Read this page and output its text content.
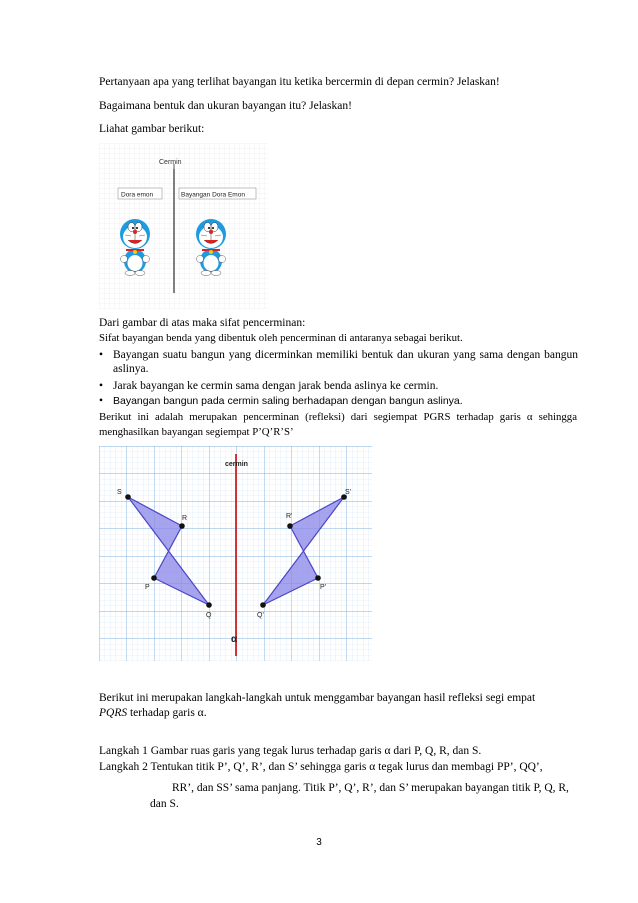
Pertanyaan apa yang terlihat bayangan itu ketika bercermin di depan cermin? Jelaskan!
Bagaimana bentuk dan ukuran bayangan itu? Jelaskan!
Liahat gambar berikut:
Cermin
Dora emon	Bayangan Dora Emon
Dari gambar di atas maka sifat pencerminan:
Sifat bayangan benda yang dibentuk oleh pencerminan di antaranya sebagai berikut.
• Bayangan suatu bangun yang dicerminkan memiliki bentuk dan ukuran yang sama dengan bangun aslinya.
• Jarak bayangan ke cermin sama dengan jarak benda aslinya ke cermin.
• Bayangan bangun pada cermin saling berhadapan dengan bangun aslinya.
Berikut ini adalah merupakan pencerminan (refleksi) dari segiempat PGRS terhadap garis α sehingga menghasilkan bayangan segiempat P’Q’R’S’
cermin
α
S
R
P
Q
S'
R'
P'
Q'
Berikut ini merupakan langkah-langkah untuk menggambar bayangan hasil refleksi segi empat
PQRS terhadap garis α.
Langkah 1 Gambar ruas garis yang tegak lurus terhadap garis α dari P, Q, R, dan S.
Langkah 2 Tentukan titik P’, Q’, R’, dan S’ sehingga garis α tegak lurus dan membagi PP’, QQ’,
RR’, dan SS’ sama panjang. Titik P’, Q’, R’, dan S’ merupakan bayangan titik P, Q, R,
dan S.
3
